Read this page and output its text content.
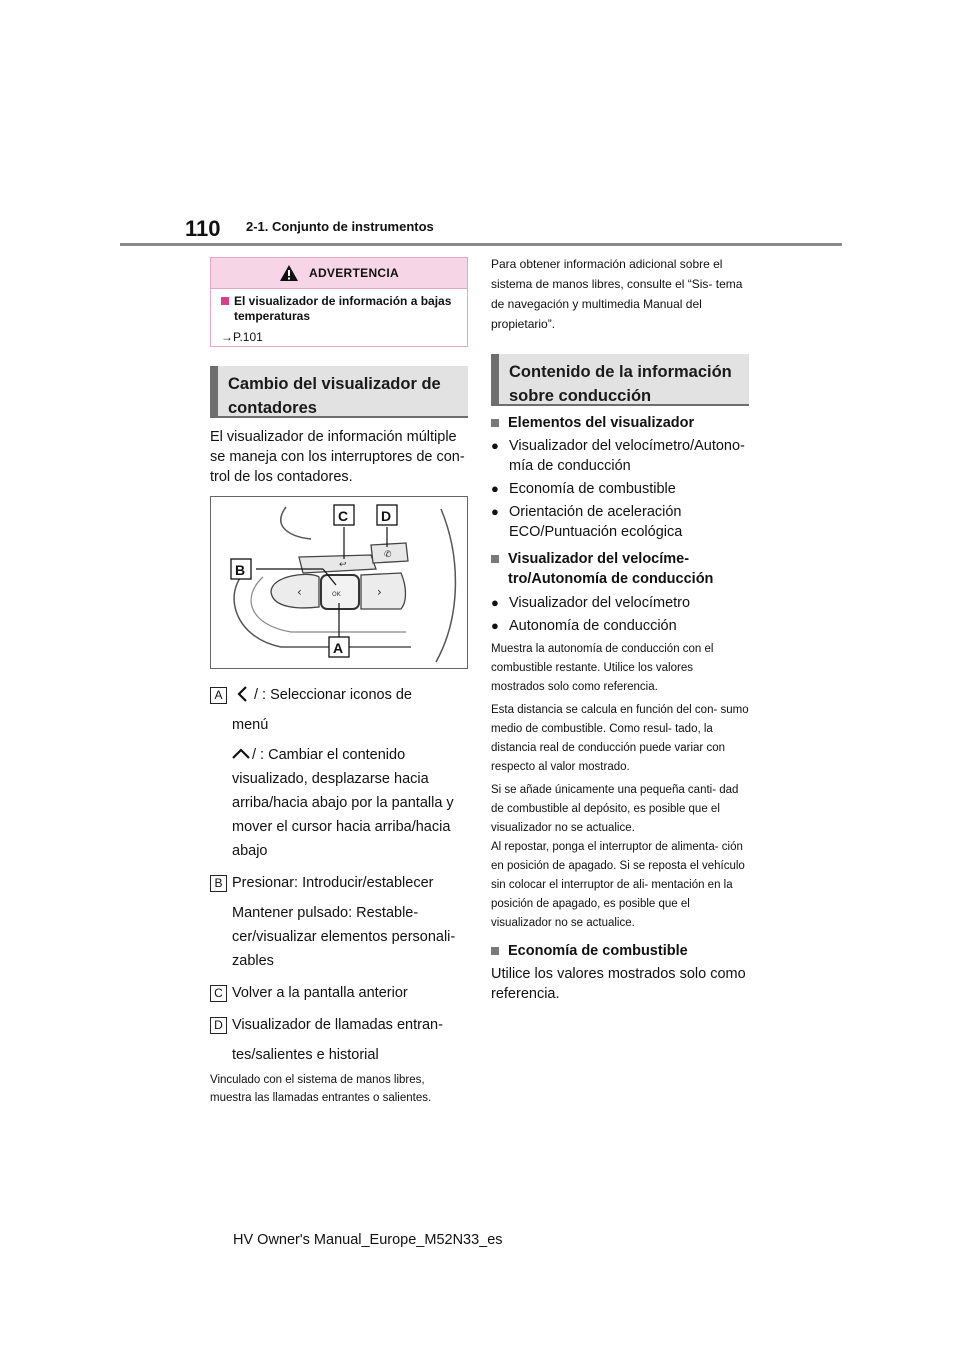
110 2-1. Conjunto de instrumentos
ADVERTENCIA
El visualizador de información a bajas temperaturas
→P.101
Cambio del visualizador de contadores
El visualizador de información múltiple se maneja con los interruptores de con- trol de los contadores.
↩
✆
‹	›
OK
C D
B
A
A	/ : Seleccionar iconos de
menú
/ : Cambiar el contenido
visualizado, desplazarse hacia
arriba/hacia abajo por la pantalla y
mover el cursor hacia arriba/hacia
abajo
B Presionar: Introducir/establecer
Mantener pulsado: Restable-
cer/visualizar elementos personali-
zables
C Volver a la pantalla anterior
D Visualizador de llamadas entran-
tes/salientes e historial
Vinculado con el sistema de manos libres, muestra las llamadas entrantes o salientes.
Para obtener información adicional sobre el sistema de manos libres, consulte el “Sis- tema de navegación y multimedia Manual del propietario”.
Contenido de la información sobre conducción
Elementos del visualizador
● Visualizador del velocímetro/Autono- mía de conducción
● Economía de combustible
● Orientación de aceleración ECO/Puntuación ecológica
Visualizador del velocíme- tro/Autonomía de conducción
● Visualizador del velocímetro
● Autonomía de conducción
Muestra la autonomía de conducción con el combustible restante. Utilice los valores mostrados solo como referencia.
Esta distancia se calcula en función del con- sumo medio de combustible. Como resul- tado, la distancia real de conducción puede variar con respecto al valor mostrado.
Si se añade únicamente una pequeña canti- dad de combustible al depósito, es posible que el visualizador no se actualice.
Al repostar, ponga el interruptor de alimenta- ción en posición de apagado. Si se reposta el vehículo sin colocar el interruptor de ali- mentación en la posición de apagado, es posible que el visualizador no se actualice.
Economía de combustible
Utilice los valores mostrados solo como referencia.
HV Owner's Manual_Europe_M52N33_es
